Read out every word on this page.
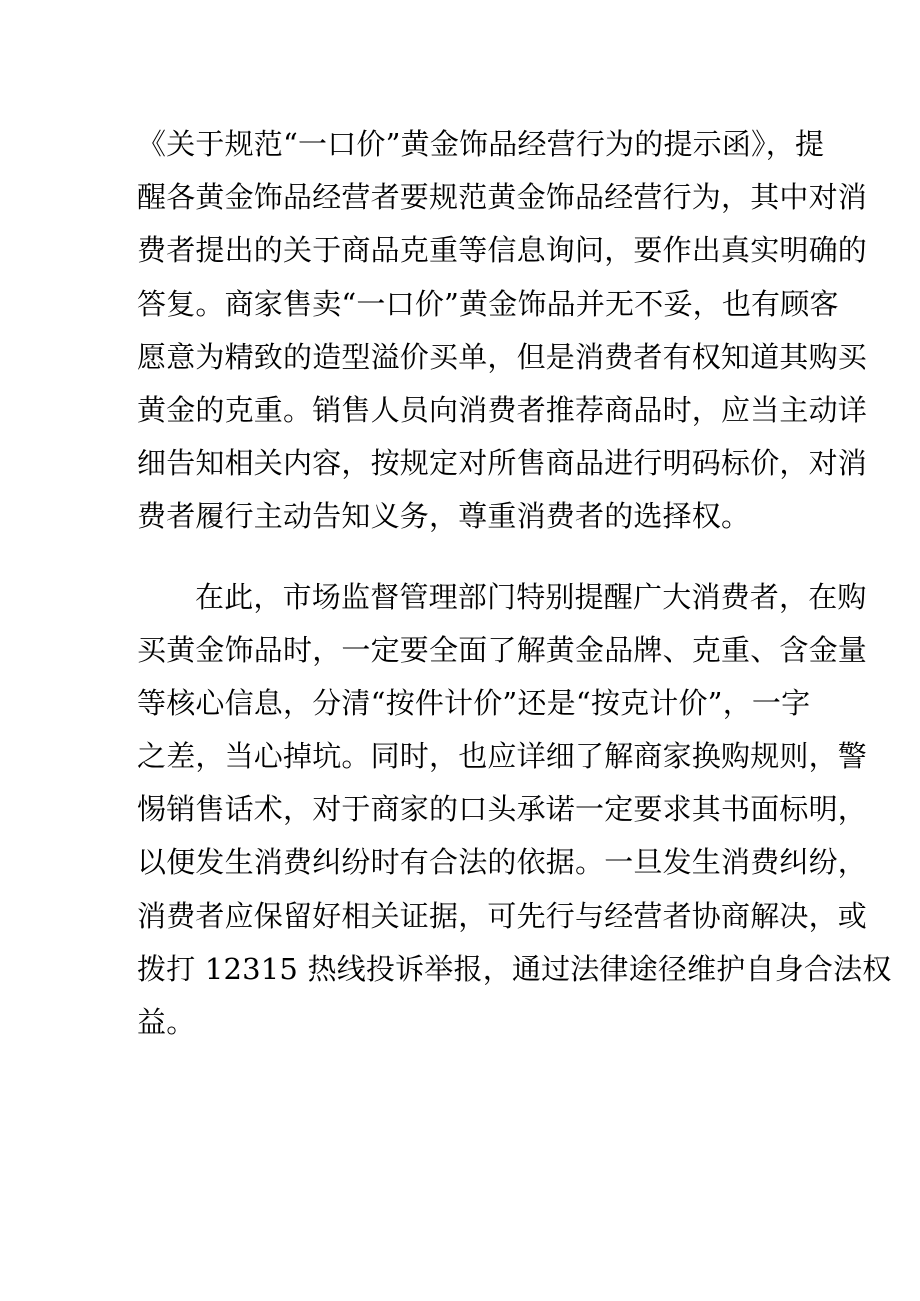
《关于规范“一口价”黄金饰品经营行为的提示函》，提
醒各黄金饰品经营者要规范黄金饰品经营行为，其中对消
费者提出的关于商品克重等信息询问，要作出真实明确的
答复。商家售卖“一口价”黄金饰品并无不妥，也有顾客
愿意为精致的造型溢价买单，但是消费者有权知道其购买
黄金的克重。销售人员向消费者推荐商品时，应当主动详
细告知相关内容，按规定对所售商品进行明码标价，对消
费者履行主动告知义务，尊重消费者的选择权。
在此，市场监督管理部门特别提醒广大消费者，在购
买黄金饰品时，一定要全面了解黄金品牌、克重、含金量
等核心信息，分清“按件计价”还是“按克计价”，一字
之差，当心掉坑。同时，也应详细了解商家换购规则，警
惕销售话术，对于商家的口头承诺一定要求其书面标明，
以便发生消费纠纷时有合法的依据。一旦发生消费纠纷，
消费者应保留好相关证据，可先行与经营者协商解决，或
拨打 12315 热线投诉举报，通过法律途径维护自身合法权
益。
